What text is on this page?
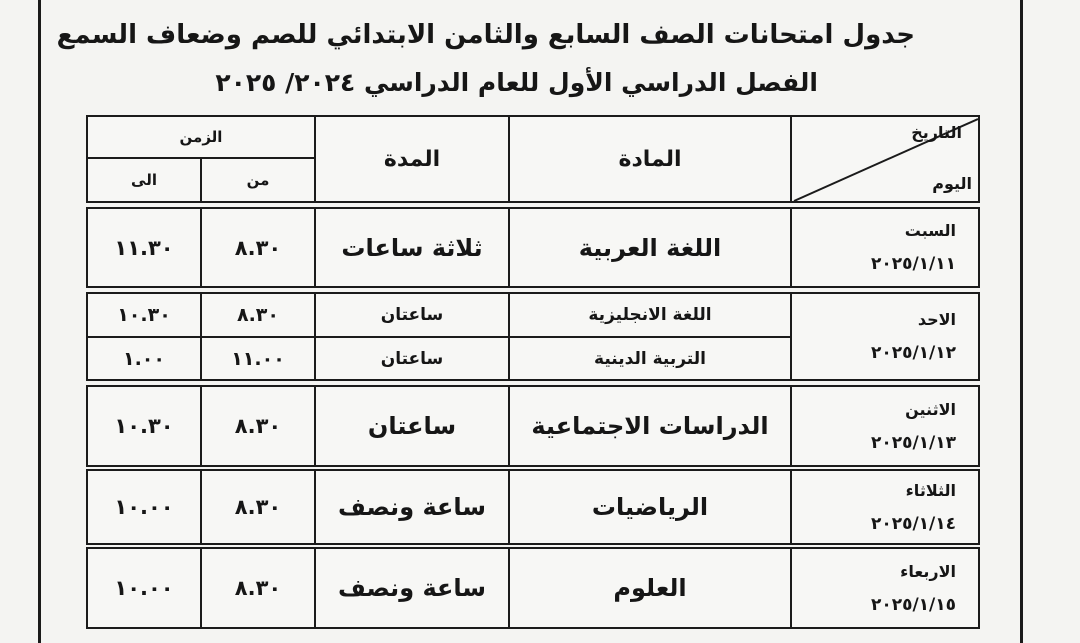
جدول امتحانات الصف السابع والثامن الابتدائي للصم وضعاف السمع
الفصل الدراسي الأول للعام الدراسي ٢٠٢٤/ ٢٠٢٥
التاريخ
اليوم
المادة
المدة
الزمن
من
الى
السبت
٢٠٢٥/١/١١
اللغة العربية
ثلاثة ساعات
٨.٣٠
١١.٣٠
الاحد
٢٠٢٥/١/١٢
اللغة الانجليزية
ساعتان
٨.٣٠
١٠.٣٠
التربية الدينية
ساعتان
١١.٠٠
١.٠٠
الاثنين
٢٠٢٥/١/١٣
الدراسات الاجتماعية
ساعتان
٨.٣٠
١٠.٣٠
الثلاثاء
٢٠٢٥/١/١٤
الرياضيات
ساعة ونصف
٨.٣٠
١٠.٠٠
الاربعاء
٢٠٢٥/١/١٥
العلوم
ساعة ونصف
٨.٣٠
١٠.٠٠
